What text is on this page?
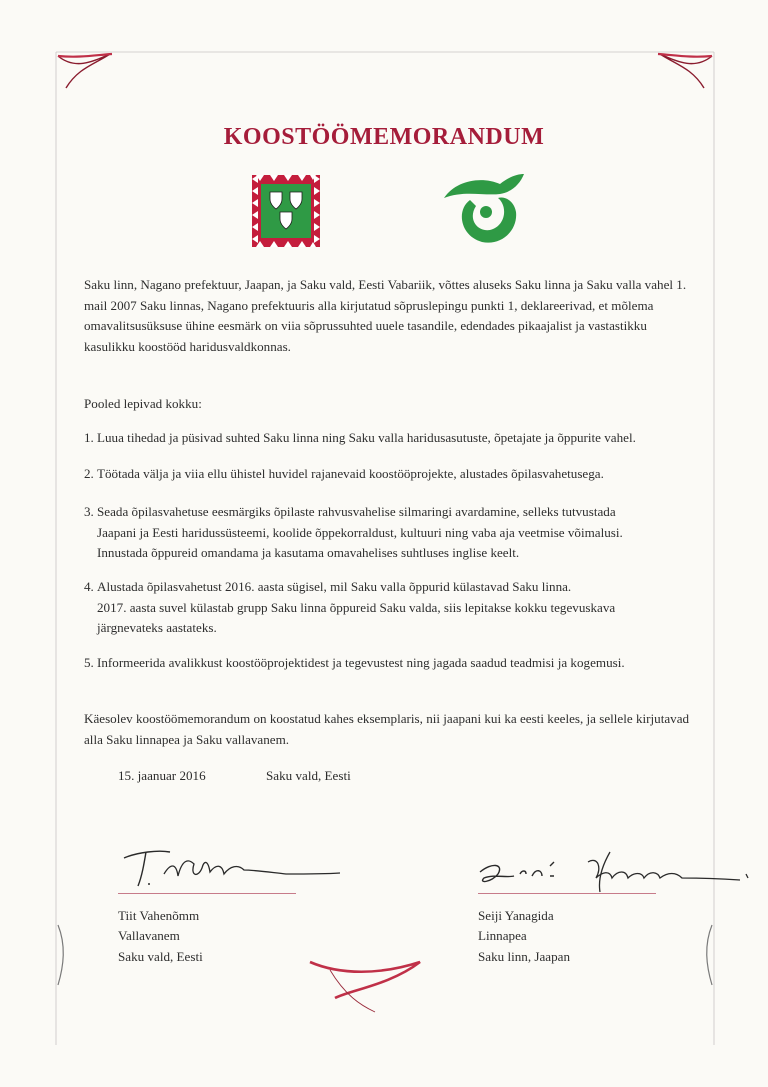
KOOSTÖÖMEMORANDUM

Saku linn, Nagano prefektuur, Jaapan, ja Saku vald, Eesti Vabariik, võttes aluseks Saku linna ja Saku valla vahel 1. mail 2007 Saku linnas, Nagano prefektuuris alla kirjutatud sõpruslepingu punkti 1, deklareerivad, et mõlema omavalitsusüksuse ühine eesmärk on viia sõprussuhted uuele tasandile, edendades pikaajalist ja vastastikku kasulikku koostööd haridusvaldkonnas.

Pooled lepivad kokku:

1. Luua tihedad ja püsivad suhted Saku linna ning Saku valla haridusasutuste, õpetajate ja õppurite vahel.
2. Töötada välja ja viia ellu ühistel huvidel rajanevaid koostööprojekte, alustades õpilasvahetusega.
3. Seada õpilasvahetuse eesmärgiks õpilaste rahvusvahelise silmaringi avardamine, selleks tutvustada
Jaapani ja Eesti haridussüsteemi, koolide õppekorraldust, kultuuri ning vaba aja veetmise võimalusi.
Innustada õppureid omandama ja kasutama omavahelises suhtluses inglise keelt.
4. Alustada õpilasvahetust 2016. aasta sügisel, mil Saku valla õppurid külastavad Saku linna.
2017. aasta suvel külastab grupp Saku linna õppureid Saku valda, siis lepitakse kokku tegevuskava
järgnevateks aastateks.
5. Informeerida avalikkust koostööprojektidest ja tegevustest ning jagada saadud teadmisi ja kogemusi.

Käesolev koostöömemorandum on koostatud kahes eksemplaris, nii jaapani kui ka eesti keeles, ja sellele kirjutavad alla Saku linnapea ja Saku vallavanem.

15. jaanuar 2016	Saku vald, Eesti
Tiit Vahenõmm
Vallavanem
Saku vald, Eesti
Seiji Yanagida
Linnapea
Saku linn, Jaapan
